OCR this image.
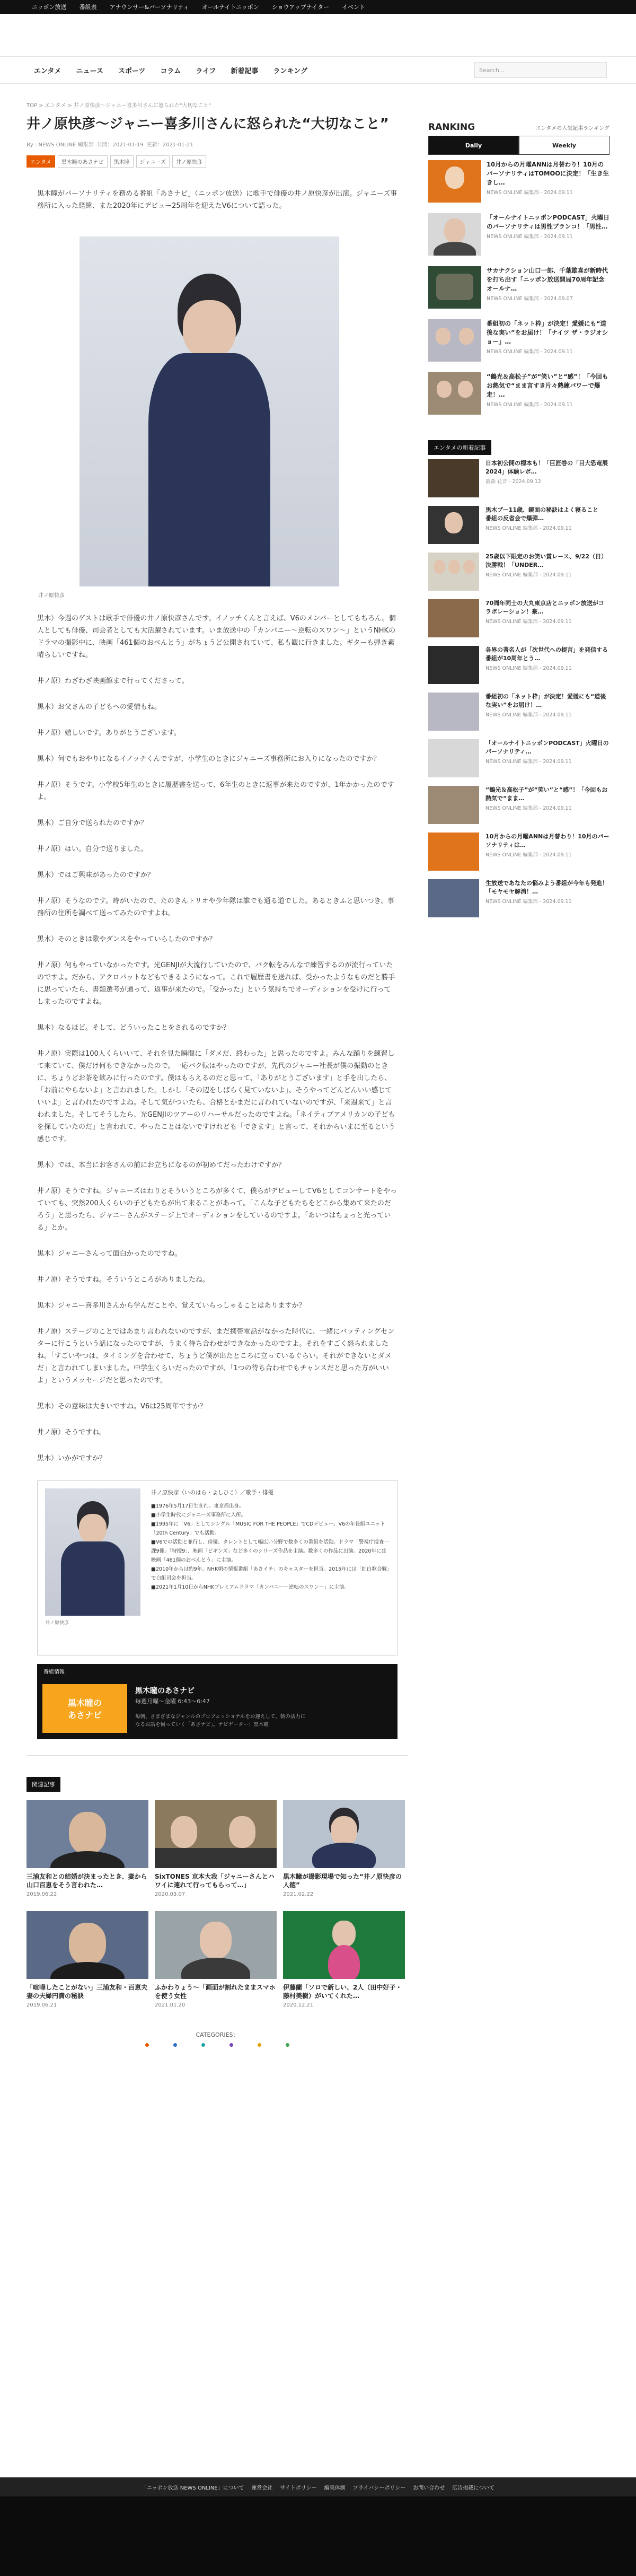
ニッポン放送 番組表 アナウンサー&パーソナリティ オールナイトニッポン ショウアップナイター イベント
エンタメ ニュース スポーツ コラム ライフ 新着記事 ランキング	Search...
TOP > エンタメ > 井ノ原快彦〜ジャニー喜多川さんに怒られた"大切なこと"
井ノ原快彦〜ジャニー喜多川さんに怒られた“大切なこと”
By : NEWS ONLINE 編集部 公開：2021-01-19 更新：2021-01-21
エンタメ	黒木瞳のあさナビ	黒木瞳	ジャニーズ	井ノ原快彦

黒木瞳がパーソナリティを務める番組「あさナビ」（ニッポン放送）に歌手で俳優の井ノ原快彦が出演。ジャニーズ事務所に入った経緯、また2020年にデビュー25周年を迎えたV6について語った。

井ノ原快彦

黒木）今週のゲストは歌手で俳優の井ノ原快彦さんです。イノッチくんと言えば、V6のメンバーとしてもちろん。個人としても俳優、司会者としても大活躍されています。いま放送中の「カンパニー〜逆転のスワン〜」というNHKのドラマの撮影中に、映画「461個のおべんとう」がちょうど公開されていて、私も観に行きました。ギターも弾き素晴らしいですね。

井ノ原）わざわざ映画館まで行ってくださって。

黒木）お父さんの子どもへの愛情もね。

井ノ原）嬉しいです。ありがとうございます。

黒木）何でもおやりになるイノッチくんですが、小学生のときにジャニーズ事務所にお入りになったのですか？

井ノ原）そうです。小学校5年生のときに履歴書を送って、6年生のときに返事が来たのですが、1年かかったのですよ。

黒木）ご自分で送られたのですか？

井ノ原）はい。自分で送りました。

黒木）ではご興味があったのですか？

井ノ原）そうなのです。時がいたので、たのきんトリオや少年隊は誰でも通る道でした。あるときふと思いつき、事務所の住所を調べて送ってみたのですよね。

黒木）そのときは歌やダンスをやっていらしたのですか？

井ノ原）何もやっていなかったです。光GENJIが大流行していたので、バク転をみんなで練習するのが流行っていたのですよ。だから、アクロバットなどもできるようになって。これで履歴書を送れば、受かったようなものだと勝手に思っていたら、書類選考が通って、返事が来たので。「受かった」という気持ちでオーディションを受けに行ってしまったのですよね。

黒木）なるほど。そして、どういったことをされるのですか？

井ノ原）実際は100人くらいいて、それを見た瞬間に「ダメだ、終わった」と思ったのですよ。みんな踊りを練習して来ていて、僕だけ何もできなかったので。一応バク転はやったのですが、先代のジャニー社長が僕の振動のときに、ちょうどお茶を飲みに行ったのです。僕はもらえるのだと思って、「ありがとうございます」と手を出したら、「お前にやらないよ」と言われました。しかし「その辺をしばらく見ていないよ」、そうやってどんどんいい感じていいよ」と言われたのですよね。そして気がついたら、合格とかまだに言われていないのですが、「来週来て」と言われました。そしてそうしたら、光GENJIのツアーのリハーサルだったのですよね。「ネイティブアメリカンの子どもを探していたのだ」と言われて、やったことはないですけれども「できます」と言って、それからいまに至るという感じです。

黒木）では、本当にお客さんの前にお立ちになるのが初めてだったわけですか？

井ノ原）そうですね。ジャニーズはわりとそういうところが多くて、僕らがデビューしてV6としてコンサートをやっていても、突然200人くらいの子どもたちが出て来ることがあって。「こんな子どもたちをどこから集めて来たのだろう」と思ったら、ジャニーさんがステージ上でオーディションをしているのですよ。「あいつはちょっと光っている」とか。

黒木）ジャニーさんって面白かったのですね。

井ノ原）そうですね。そういうところがありましたね。

黒木）ジャニー喜多川さんから学んだことや、覚えていらっしゃることはありますか？

井ノ原）ステージのことではあまり言われないのですが、まだ携帯電話がなかった時代に、一緒にバッティングセンターに行こうという話になったのですが、うまく待ち合わせができなかったのですよ。それをすごく怒られましたね。「すごいやつは、タイミングを合わせて、ちょうど僕が出たところに立っているぐらい。それができないとダメだ」と言われてしまいました。中学生くらいだったのですが、「1つの待ち合わせでもチャンスだと思った方がいいよ」というメッセージだと思ったのです。

黒木）その意味は大きいですね。V6は25周年ですか？

井ノ原）そうですね。

黒木）いかがですか？

井ノ原快彦
井ノ原快彦（いのはら・よしひこ）／歌手・俳優
■1976年5月17日生まれ。東京都出身。
■小学生時代にジャニーズ事務所に入所。
■1995年に「V6」としてシングル「MUSIC FOR THE PEOPLE」でCDデビュー。V6の年長組ユニット「20th Century」でも活動。
■V6での活動と並行し、俳優、タレントとして幅広い分野で数多くの番組を活動。ドラマ「警視庁捜査一課9係」「特捜9」、映画「ビギンズ」など多くのシリーズ作品を主演。数多くの作品に出演。2020年には映画「461個のおべんとう」に主演。
■2010年からは約9年、NHK朝の情報番組「あさイチ」のキャスターを担当。2015年には「紅白歌合戦」で白組司会を担当。
■2021年1月10日からNHKプレミアムドラマ「カンパニー〜逆転のスワン〜」に主演。
番組情報
黒木瞳の
あさナビ
黒木瞳のあさナビ
毎週月曜〜金曜 6:43〜6:47
毎朝、さまざまなジャンルのプロフェッショナルをお迎えして、朝の活力になるお話を伺っていく「あさナビ」。ナビゲーター：黒木瞳
関連記事
三浦友和との結婚が決まったとき、妻から山口百恵をそう言われた…
2019.06.22
SixTONES 京本大我「ジャニーさんとハワイに連れて行ってもらって…」
2020.03.07
黒木瞳が撮影現場で知った“井ノ原快彦の人徳”
2021.02.22
「喧嘩したことがない」三浦友和・百恵夫妻の夫婦円満の秘訣
2019.06.21
ふかわりょう〜「画面が割れたままスマホを使う女性
2021.01.20
伊藤蘭「ソロで新しい、2人（田中好子・藤村美樹）がいてくれた…
2020.12.21
CATEGORIES：
RANKING	エンタメの人気記事ランキング
Daily	Weekly
10月からの月曜ANNは月替わり！10月のパーソナリティはTOMOOに決定！「生き生きし…
NEWS ONLINE 編集部 - 2024.09.11
「オールナイトニッポンPODCAST」火曜日のパーソナリティは男性ブランコ！「男性…
NEWS ONLINE 編集部 - 2024.09.11
サカナクション山口一郎、千葉雄喜が新時代を打ち出す「ニッポン放送開局70周年記念 オールナ…
NEWS ONLINE 編集部 - 2024.09.07
番組初の「ネット枠」が決定！愛媛にも“道後な実い”をお届け！「ナイツ ザ・ラジオショー」…
NEWS ONLINE 編集部 - 2024.09.11
“鶴光＆高松子”が“笑い”と“感”！「今回もお熱気で“まま言すき片々熟練パワーで爆走！…
NEWS ONLINE 編集部 - 2024.09.11
エンタメの新着記事
日本初公開の標本も！「巨匠巻の「目大恐竜展 2024」体験レポ…
前森 花音 - 2024.09.12
黒木ブー11歳、鏡面の秘訣はよく寝ること　番組の反省会で爆弾…
NEWS ONLINE 編集部 - 2024.09.11
25歳以下限定のお笑い賞レース、9/22（日）決勝戦！「UNDER…
NEWS ONLINE 編集部 - 2024.09.11
70周年同士の大丸東京店とニッポン放送がコラボレーション！豪…
NEWS ONLINE 編集部 - 2024.09.11
各界の著名人が「次世代への提言」を発信する番組が10周年とう…
NEWS ONLINE 編集部 - 2024.09.11
番組初の「ネット枠」が決定！愛媛にも“道後な実い”をお届け！…
NEWS ONLINE 編集部 - 2024.09.11
「オールナイトニッポンPODCAST」火曜日のパーソナリティ…
NEWS ONLINE 編集部 - 2024.09.11
“鶴光＆高松子”が“笑い”と“感”！「今回もお熱気で“まま…
NEWS ONLINE 編集部 - 2024.09.11
10月からの月曜ANNは月替わり！10月のパーソナリティは…
NEWS ONLINE 編集部 - 2024.09.11
生放送であなたの悩みよう番組が今年も発進！「モヤモヤ解消！…
NEWS ONLINE 編集部 - 2024.09.11
「ニッポン放送 NEWS ONLINE」について 運営会社 サイトポリシー 編集体制 プライバシーポリシー お問い合わせ 広告掲載について
